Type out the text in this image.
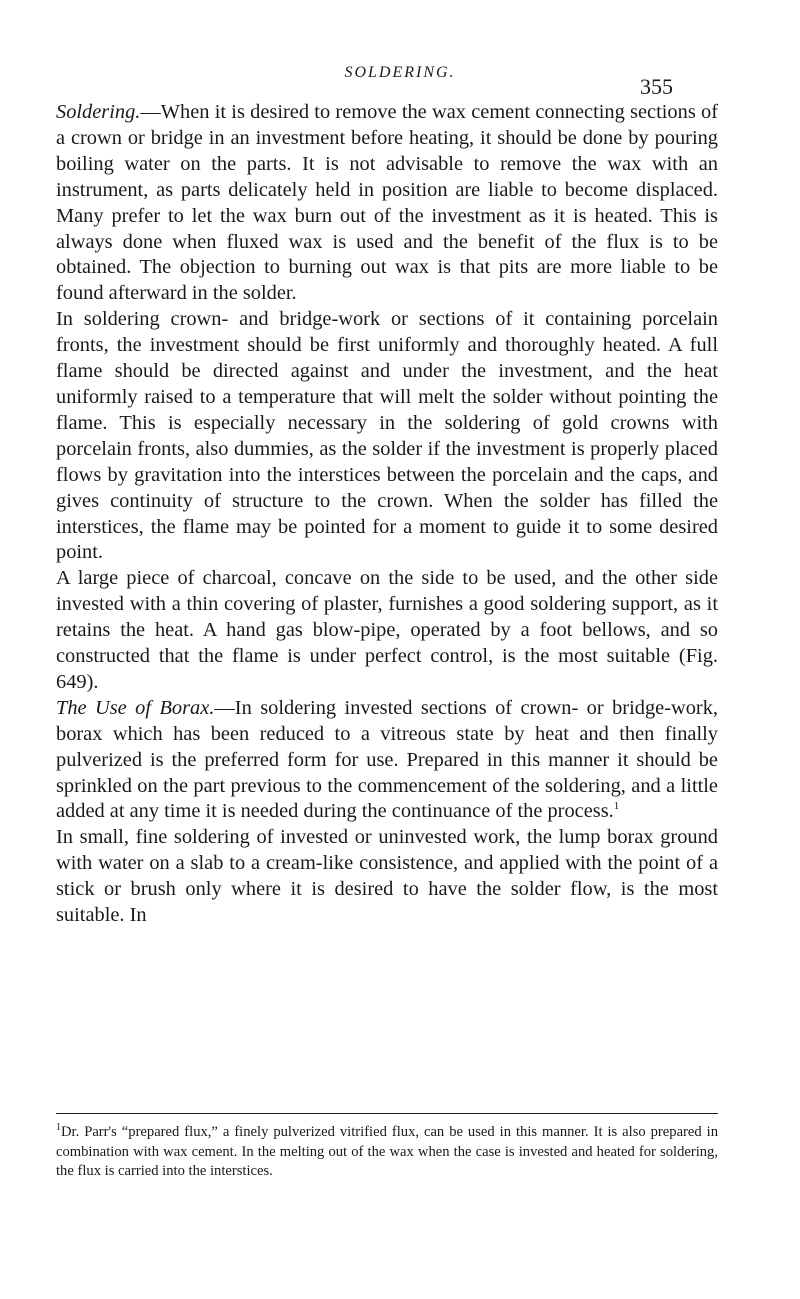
SOLDERING.
355

Soldering.—When it is desired to remove the wax cement connecting sections of a crown or bridge in an investment before heating, it should be done by pouring boiling water on the parts. It is not advisable to remove the wax with an instrument, as parts delicately held in position are liable to become displaced. Many prefer to let the wax burn out of the investment as it is heated. This is always done when fluxed wax is used and the benefit of the flux is to be obtained. The objection to burning out wax is that pits are more liable to be found afterward in the solder.

In soldering crown- and bridge-work or sections of it containing porcelain fronts, the investment should be first uniformly and thoroughly heated. A full flame should be directed against and under the investment, and the heat uniformly raised to a temperature that will melt the solder without pointing the flame. This is especially necessary in the soldering of gold crowns with porcelain fronts, also dummies, as the solder if the investment is properly placed flows by gravitation into the interstices between the porcelain and the caps, and gives continuity of structure to the crown. When the solder has filled the interstices, the flame may be pointed for a moment to guide it to some desired point.

A large piece of charcoal, concave on the side to be used, and the other side invested with a thin covering of plaster, furnishes a good soldering support, as it retains the heat. A hand gas blow-pipe, operated by a foot bellows, and so constructed that the flame is under perfect control, is the most suitable (Fig. 649).

The Use of Borax.—In soldering invested sections of crown- or bridge-work, borax which has been reduced to a vitreous state by heat and then finally pulverized is the preferred form for use. Prepared in this manner it should be sprinkled on the part previous to the commencement of the soldering, and a little added at any time it is needed during the continuance of the process.$^1$

In small, fine soldering of invested or uninvested work, the lump borax ground with water on a slab to a cream-like consistence, and applied with the point of a stick or brush only where it is desired to have the solder flow, is the most suitable. In

$^1$Dr. Parr's “prepared flux,” a finely pulverized vitrified flux, can be used in this manner. It is also prepared in combination with wax cement. In the melting out of the wax when the case is invested and heated for soldering, the flux is carried into the interstices.
